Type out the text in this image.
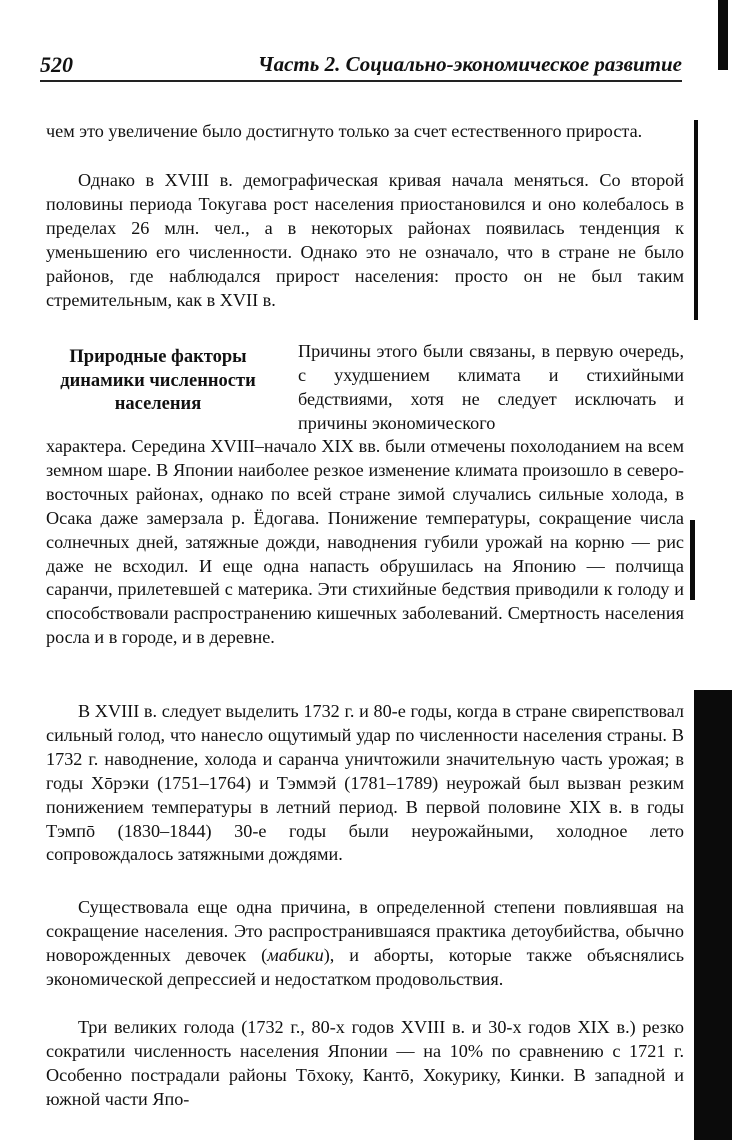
520	Часть 2. Социально-экономическое развитие

чем это увеличение было достигнуто только за счет естественного прироста.

Однако в XVIII в. демографическая кривая начала меняться. Со второй половины периода Токугава рост населения приостановился и оно колебалось в пределах 26 млн. чел., а в некоторых районах появилась тенденция к уменьшению его численности. Однако это не означало, что в стране не было районов, где наблюдался прирост населения: просто он не был таким стремительным, как в XVII в.

Природные факторы динамики численности населения

Причины этого были связаны, в первую очередь, с ухудшением климата и стихийными бедствиями, хотя не следует исключать и причины экономического

характера. Середина XVIII–начало XIX вв. были отмечены похолоданием на всем земном шаре. В Японии наиболее резкое изменение климата произошло в северо-восточных районах, однако по всей стране зимой случались сильные холода, в Осака даже замерзала р. Ёдогава. Понижение температуры, сокращение числа солнечных дней, затяжные дожди, наводнения губили урожай на корню — рис даже не всходил. И еще одна напасть обрушилась на Японию — полчища саранчи, прилетевшей с материка. Эти стихийные бедствия приводили к голоду и способствовали распространению кишечных заболеваний. Смертность населения росла и в городе, и в деревне.

В XVIII в. следует выделить 1732 г. и 80-е годы, когда в стране свирепствовал сильный голод, что нанесло ощутимый удар по численности населения страны. В 1732 г. наводнение, холода и саранча уничтожили значительную часть урожая; в годы Хōрэки (1751–1764) и Тэммэй (1781–1789) неурожай был вызван резким понижением температуры в летний период. В первой половине XIX в. в годы Тэмпō (1830–1844) 30-е годы были неурожайными, холодное лето сопровождалось затяжными дождями.

Существовала еще одна причина, в определенной степени повлиявшая на сокращение населения. Это распространившаяся практика детоубийства, обычно новорожденных девочек (мабики), и аборты, которые также объяснялись экономической депрессией и недостатком продовольствия.

Три великих голода (1732 г., 80-х годов XVIII в. и 30-х годов XIX в.) резко сократили численность населения Японии — на 10% по сравнению с 1721 г. Особенно пострадали районы Тōхоку, Кантō, Хокурику, Кинки. В западной и южной части Япо-
